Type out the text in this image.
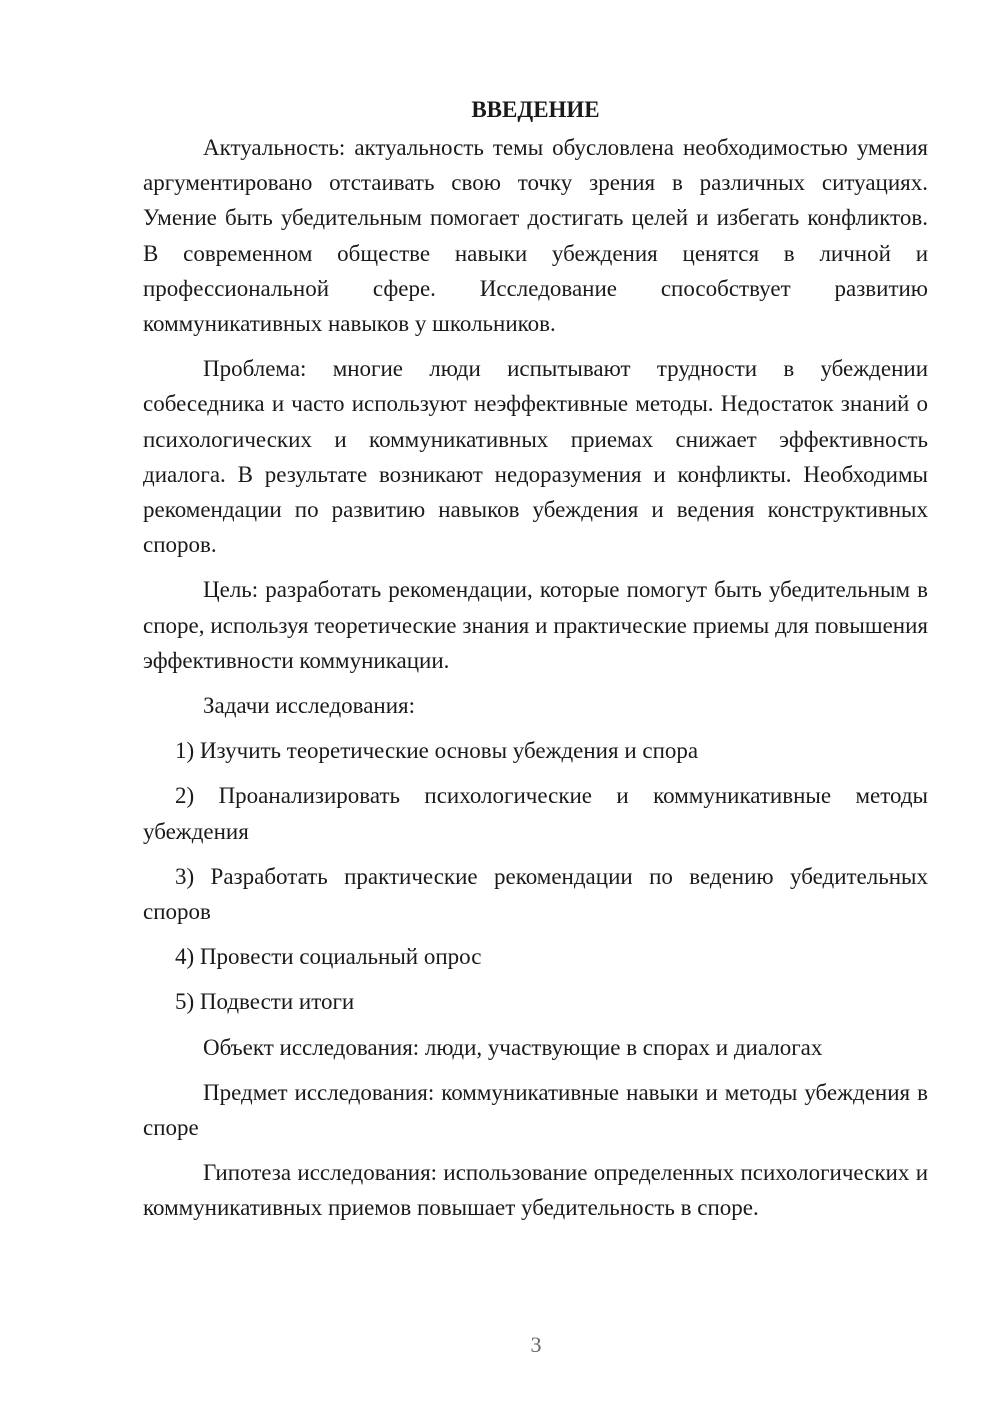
ВВЕДЕНИЕ

Актуальность: актуальность темы обусловлена необходимостью умения аргументировано отстаивать свою точку зрения в различных ситуациях. Умение быть убедительным помогает достигать целей и избегать конфликтов. В современном обществе навыки убеждения ценятся в личной и профессиональной сфере. Исследование способствует развитию коммуникативных навыков у школьников.

Проблема: многие люди испытывают трудности в убеждении собеседника и часто используют неэффективные методы. Недостаток знаний о психологических и коммуникативных приемах снижает эффективность диалога. В результате возникают недоразумения и конфликты. Необходимы рекомендации по развитию навыков убеждения и ведения конструктивных споров.

Цель: разработать рекомендации, которые помогут быть убедительным в споре, используя теоретические знания и практические приемы для повышения эффективности коммуникации.

Задачи исследования:

1) Изучить теоретические основы убеждения и спора

2) Проанализировать психологические и коммуникативные методы убеждения

3) Разработать практические рекомендации по ведению убедительных споров

4) Провести социальный опрос

5) Подвести итоги

Объект исследования: люди, участвующие в спорах и диалогах

Предмет исследования: коммуникативные навыки и методы убеждения в споре

Гипотеза исследования: использование определенных психологических и коммуникативных приемов повышает убедительность в споре.

3
